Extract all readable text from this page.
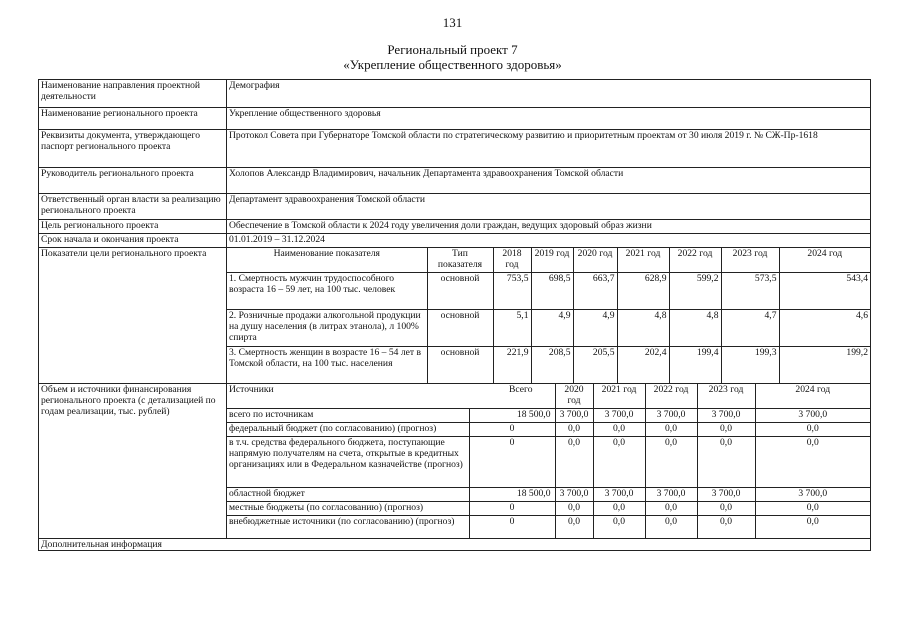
131
Региональный проект 7
«Укрепление общественного здоровья»
Наименование направления проектной деятельности	Демография
Наименование регионального проекта	Укрепление общественного здоровья
Реквизиты документа, утверждающего паспорт регионального проекта	Протокол Совета при Губернаторе Томской области по стратегическому развитию и приоритетным проектам от 30 июля 2019 г. № СЖ-Пр-1618
Руководитель регионального проекта	Холопов Александр Владимирович, начальник Департамента здравоохранения Томской области
Ответственный орган власти за реализацию регионального проекта	Департамент здравоохранения Томской области
Цель регионального проекта	Обеспечение в Томской области к 2024 году увеличения доли граждан, ведущих здоровый образ жизни
Срок начала и окончания проекта	01.01.2019 – 31.12.2024
Показатели цели регионального проекта		Наименование показателя	Тип показателя	2018 год	2019 год	2020 год	2021 год	2022 год	2023 год	2024 год
1. Смертность мужчин трудоспособного возраста 16 – 59 лет, на 100 тыс. человек	основной	753,5	698,5	663,7	628,9	599,2	573,5	543,4
2. Розничные продажи алкогольной продукции на душу населения (в литрах этанола), л 100% спирта	основной	5,1	4,9	4,9	4,8	4,8	4,7	4,6
3. Смертность женщин в возрасте 16 – 54 лет в Томской области, на 100 тыс. населения	основной	221,9	208,5	205,5	202,4	199,4	199,3	199,2

Объем и источники финансирования регионального проекта (с детализацией по годам реализации, тыс. рублей)	
Источники	Всего	2020 год	2021 год	2022 год	2023 год	2024 год
всего по источникам	18 500,0	3 700,0	3 700,0	3 700,0	3 700,0	3 700,0
федеральный бюджет (по согласованию) (прогноз)	0	0,0	0,0	0,0	0,0	0,0
в т.ч. средства федерального бюджета, поступающие напрямую получателям на счета, открытые в кредитных организациях или в Федеральном казначействе (прогноз)	0	0,0	0,0	0,0	0,0	0,0
областной бюджет	18 500,0	3 700,0	3 700,0	3 700,0	3 700,0	3 700,0
местные бюджеты (по согласованию) (прогноз)	0	0,0	0,0	0,0	0,0	0,0
внебюджетные источники (по согласованию) (прогноз)	0	0,0	0,0	0,0	0,0	0,0

Дополнительная информация
